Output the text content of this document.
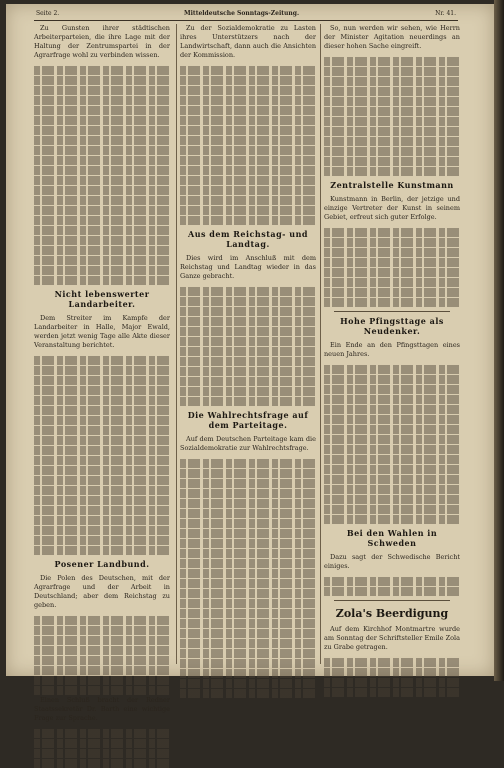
Seite 2.	Mitteldeutsche Sonntags-Zeitung.	Nr. 41.

Zu Gunsten ihrer städtischen Arbeiterparteien, die ihre Lage mit der Haltung der Zentrumspartei in der Agrarfrage wohl zu verbinden wissen.

Nicht lebenswerter Landarbeiter.

Dem Streiter im Kampfe der Landarbeiter in Halle, Major Ewald, werden jetzt wenig Tage alle Akte dieser Veranstaltung berichtet.

Posener Landbund.

Die Polen des Deutschen, mit der Agrarfrage und der Arbeit in Deutschland; aber dem Reichstag zu geben.

Einen Schluß bracht der Redner Staatssekretär Dr. Barth eine wichtige Frage zur Sprache.

Zu der Sozialdemokratie zu Lasten ihres Unterstützers nach der Landwirtschaft, dann auch die Ansichten der Kommission.

Aus dem Reichstag- und Landtag.

Dies wird im Anschluß mit dem Reichstag und Landtag wieder in das Ganze gebracht.

Die Wahlrechtsfrage auf dem Parteitage.

Auf dem Deutschen Parteitage kam die Sozialdemokratie zur Wahlrechtsfrage.

So, nun werden wir sehen, wie Herrn der Minister Agitation neuerdings an dieser hohen Sache eingreift.

Zentralstelle Kunstmann

Kunstmann in Berlin, der jetzige und einzige Vertreter der Kunst in seinem Gebiet, erfreut sich guter Erfolge.

Hohe Pfingsttage als Neudenker.

Ein Ende an den Pfingsttagen eines neuen Jahres.

Bei den Wahlen in Schweden

Dazu sagt der Schwedische Bericht einiges.

Zola's Beerdigung

Auf dem Kirchhof Montmartre wurde am Sonntag der Schriftsteller Emile Zola zu Grabe getragen.
